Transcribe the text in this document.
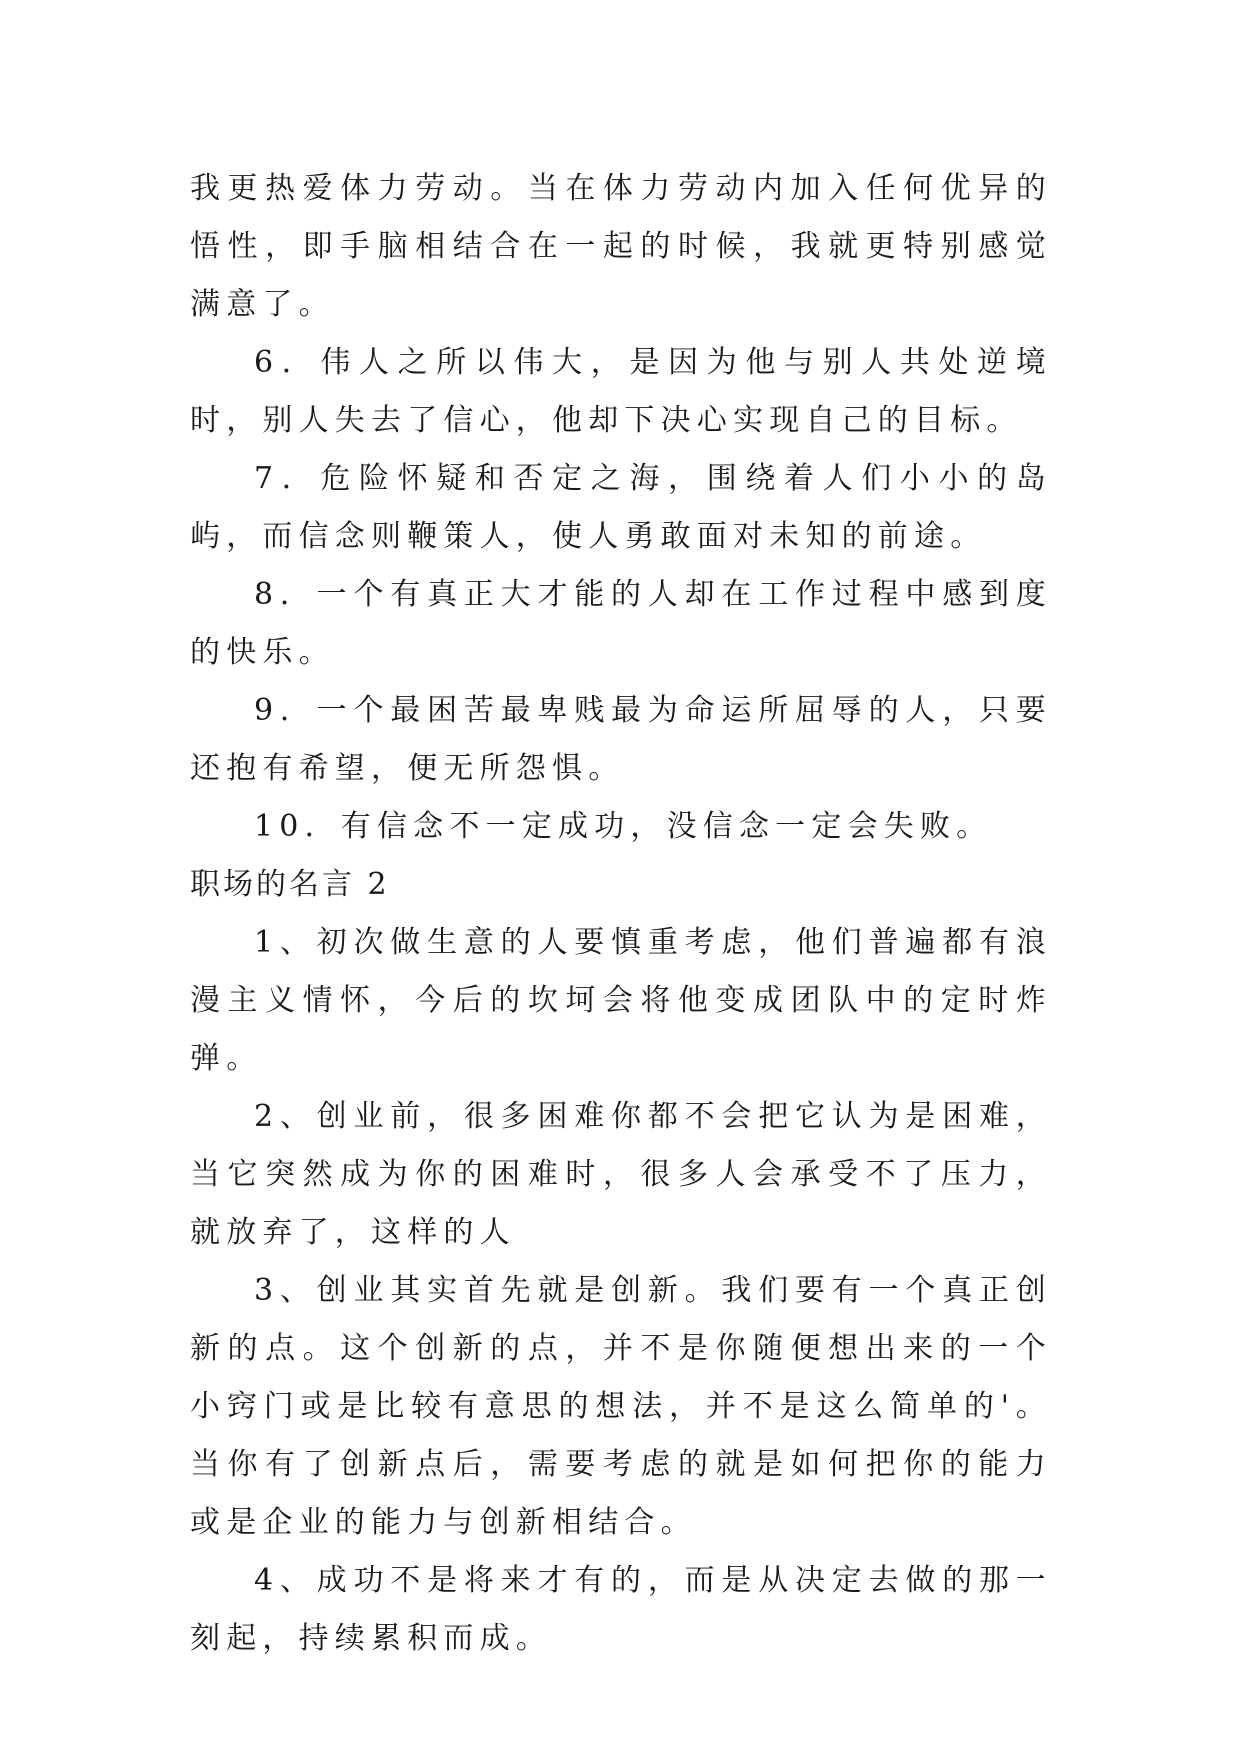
我更热爱体力劳动。当在体力劳动内加入任何优异的悟性，即手脑相结合在一起的时候，我就更特别感觉满意了。

6．伟人之所以伟大，是因为他与别人共处逆境时，别人失去了信心，他却下决心实现自己的目标。

7．危险怀疑和否定之海，围绕着人们小小的岛屿，而信念则鞭策人，使人勇敢面对未知的前途。

8．一个有真正大才能的人却在工作过程中感到度的快乐。

9．一个最困苦最卑贱最为命运所屈辱的人，只要还抱有希望，便无所怨惧。

10．有信念不一定成功，没信念一定会失败。

职场的名言 2

1、初次做生意的人要慎重考虑，他们普遍都有浪漫主义情怀，今后的坎坷会将他变成团队中的定时炸弹。

2、创业前，很多困难你都不会把它认为是困难，当它突然成为你的困难时，很多人会承受不了压力，就放弃了，这样的人

3、创业其实首先就是创新。我们要有一个真正创新的点。这个创新的点，并不是你随便想出来的一个小窍门或是比较有意思的想法，并不是这么简单的'。当你有了创新点后，需要考虑的就是如何把你的能力或是企业的能力与创新相结合。

4、成功不是将来才有的，而是从决定去做的那一刻起，持续累积而成。
